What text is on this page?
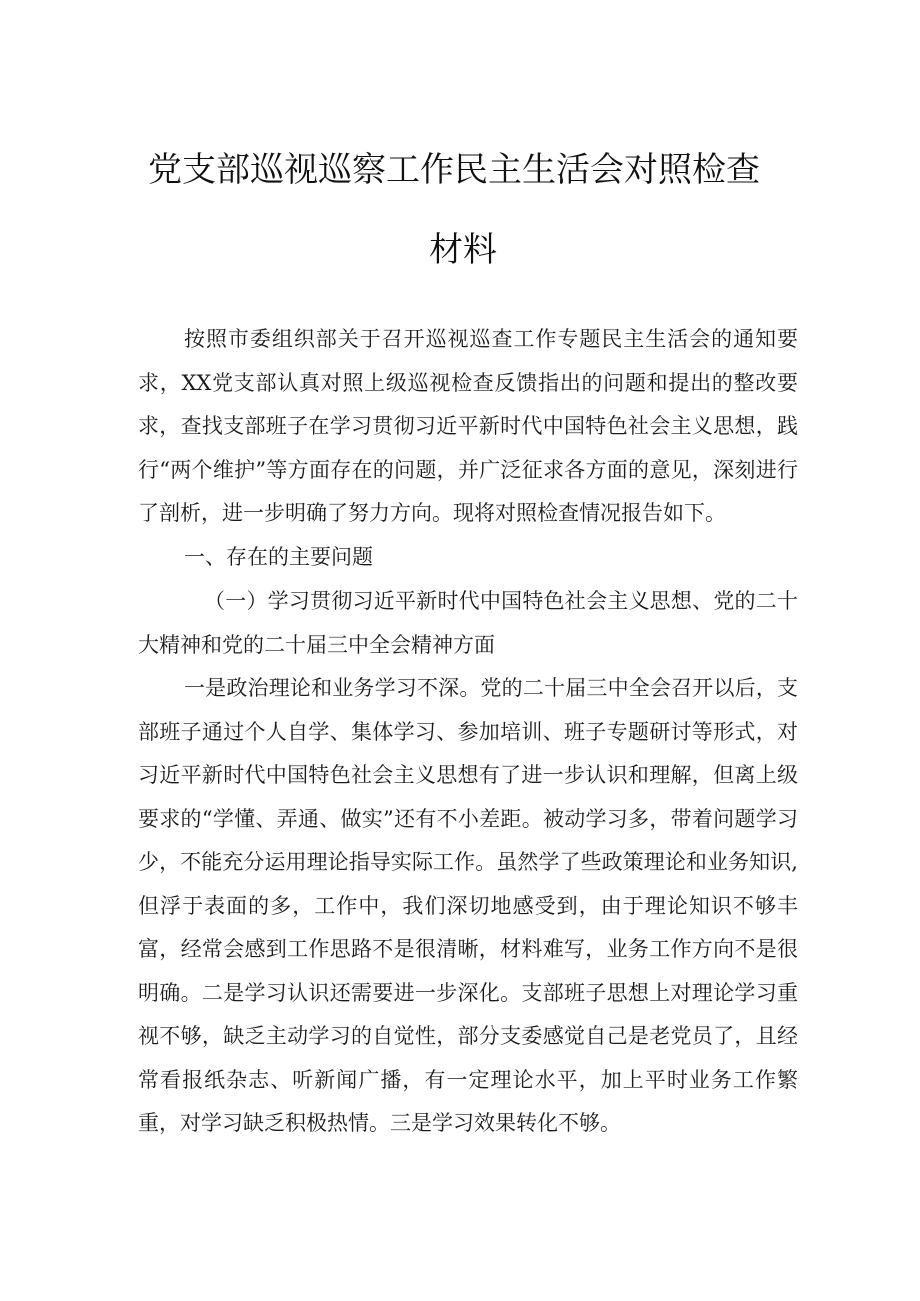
党支部巡视巡察工作民主生活会对照检查
材料

按照市委组织部关于召开巡视巡查工作专题民主生活会的通知要求，XX党支部认真对照上级巡视检查反馈指出的问题和提出的整改要求，查找支部班子在学习贯彻习近平新时代中国特色社会主义思想，践行“两个维护”等方面存在的问题，并广泛征求各方面的意见，深刻进行了剖析，进一步明确了努力方向。现将对照检查情况报告如下。

一、存在的主要问题

（一）学习贯彻习近平新时代中国特色社会主义思想、党的二十大精神和党的二十届三中全会精神方面

一是政治理论和业务学习不深。党的二十届三中全会召开以后，支部班子通过个人自学、集体学习、参加培训、班子专题研讨等形式，对习近平新时代中国特色社会主义思想有了进一步认识和理解，但离上级要求的“学懂、弄通、做实”还有不小差距。被动学习多，带着问题学习少，不能充分运用理论指导实际工作。虽然学了些政策理论和业务知识,但浮于表面的多，工作中，我们深切地感受到，由于理论知识不够丰富，经常会感到工作思路不是很清晰，材料难写，业务工作方向不是很明确。二是学习认识还需要进一步深化。支部班子思想上对理论学习重视不够，缺乏主动学习的自觉性，部分支委感觉自己是老党员了，且经常看报纸杂志、听新闻广播，有一定理论水平，加上平时业务工作繁重，对学习缺乏积极热情。三是学习效果转化不够。
